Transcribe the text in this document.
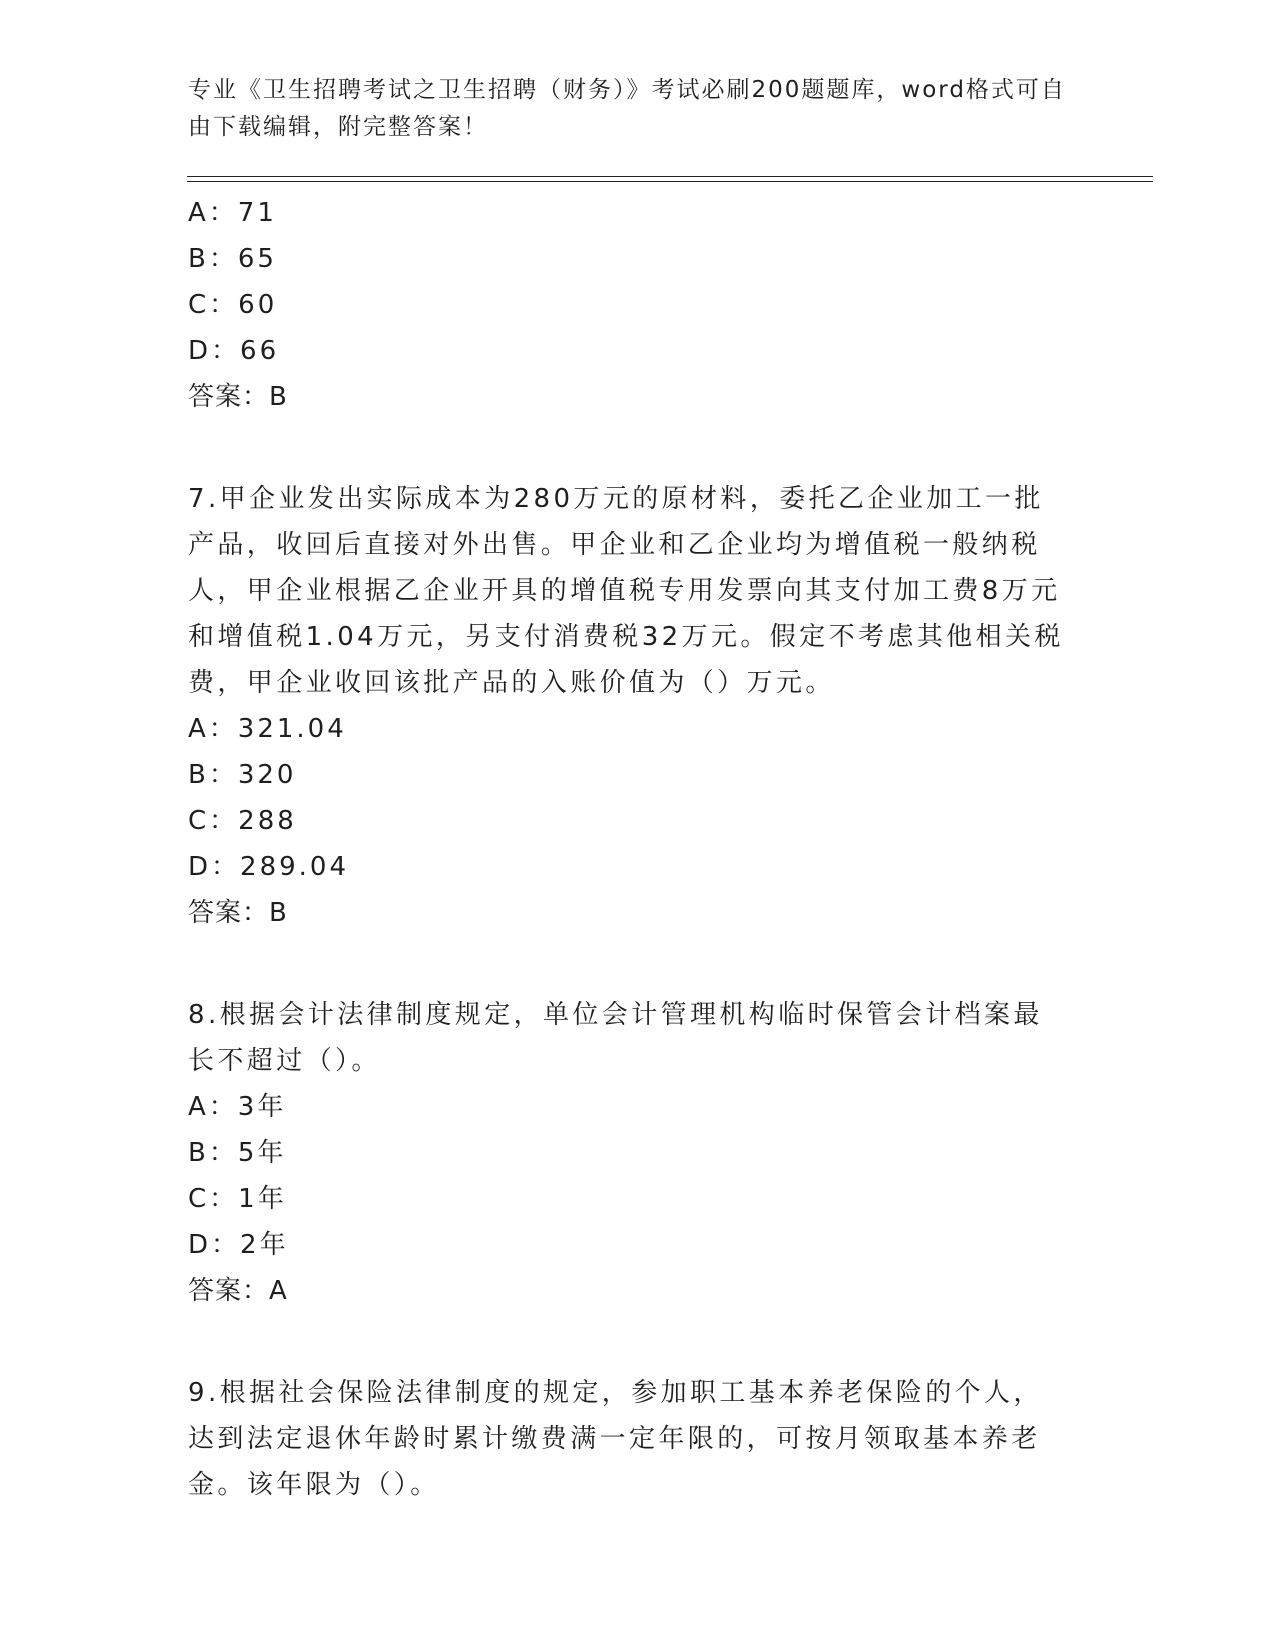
专业《卫生招聘考试之卫生招聘（财务）》考试必刷200题题库，word格式可自由下载编辑，附完整答案！
A：71
B：65
C：60
D：66
答案：B
7.甲企业发出实际成本为280万元的原材料，委托乙企业加工一批产品，收回后直接对外出售。甲企业和乙企业均为增值税一般纳税人，甲企业根据乙企业开具的增值税专用发票向其支付加工费8万元和增值税1.04万元，另支付消费税32万元。假定不考虑其他相关税费，甲企业收回该批产品的入账价值为（）万元。
A：321.04
B：320
C：288
D：289.04
答案：B
8.根据会计法律制度规定，单位会计管理机构临时保管会计档案最长不超过（）。
A：3年
B：5年
C：1年
D：2年
答案：A
9.根据社会保险法律制度的规定，参加职工基本养老保险的个人，达到法定退休年龄时累计缴费满一定年限的，可按月领取基本养老金。该年限为（）。
